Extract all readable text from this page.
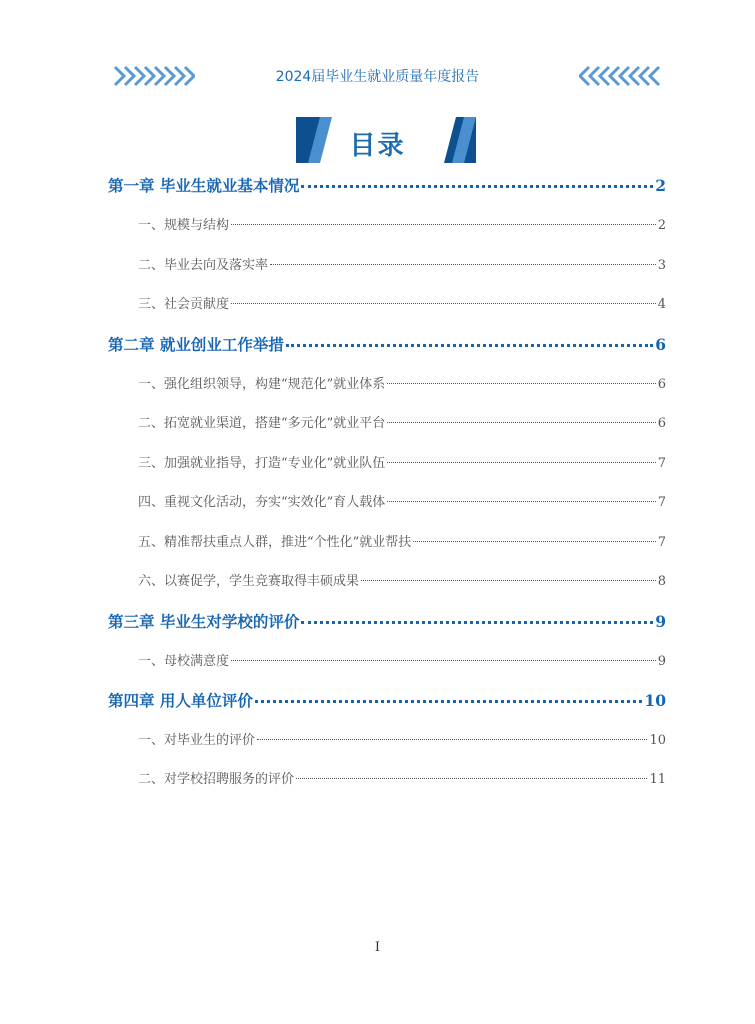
2024届毕业生就业质量年度报告
目录
第一章 毕业生就业基本情况	2
一、规模与结构	2
二、毕业去向及落实率	3
三、社会贡献度	4
第二章 就业创业工作举措	6
一、强化组织领导，构建“规范化”就业体系	6
二、拓宽就业渠道，搭建“多元化”就业平台	6
三、加强就业指导，打造“专业化”就业队伍	7
四、重视文化活动，夯实“实效化”育人载体	7
五、精准帮扶重点人群，推进“个性化”就业帮扶	7
六、以赛促学，学生竞赛取得丰硕成果	8
第三章 毕业生对学校的评价	9
一、母校满意度	9
第四章 用人单位评价	10
一、对毕业生的评价	10
二、对学校招聘服务的评价	11
I
